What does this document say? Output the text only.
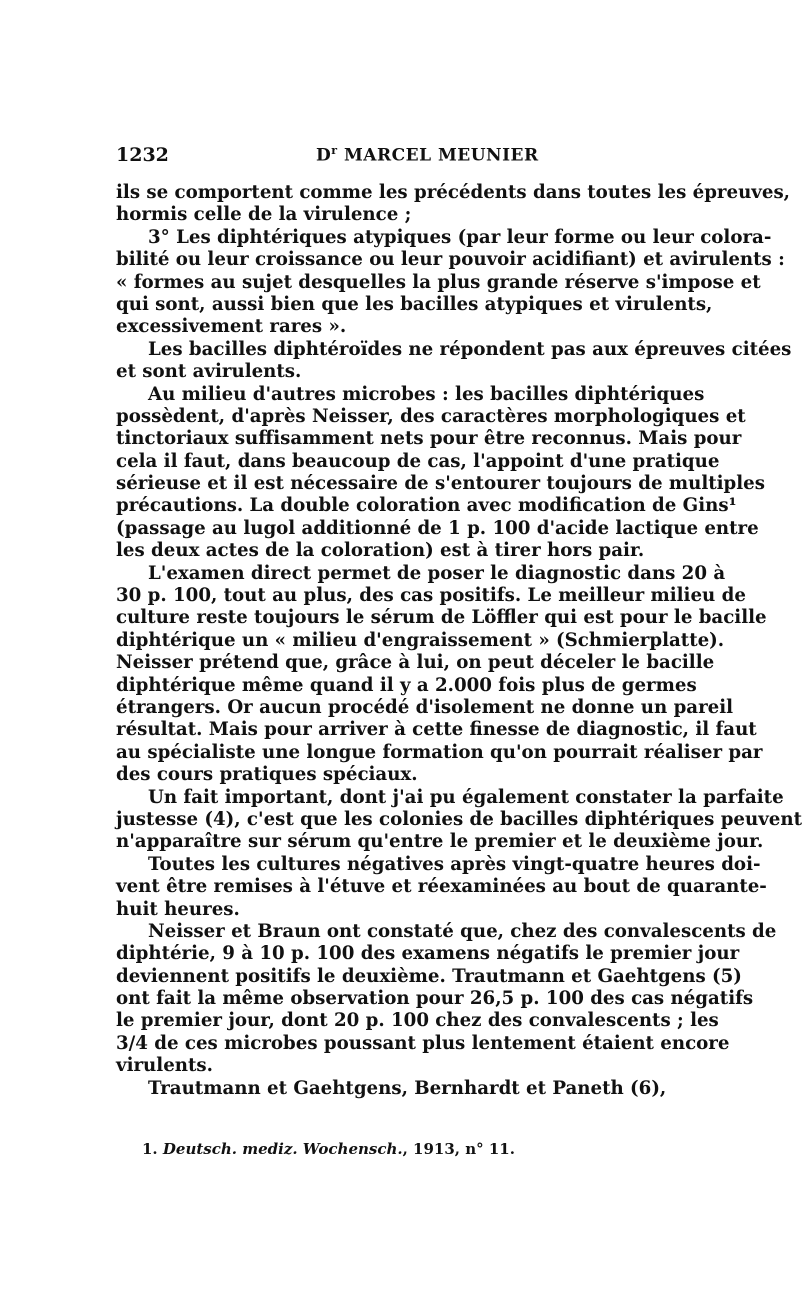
1232	$D^r$ MARCEL MEUNIER
ils se comportent comme les précédents dans toutes les épreuves,
hormis celle de la virulence ;
3° Les diphtériques atypiques (par leur forme ou leur colora-
bilité ou leur croissance ou leur pouvoir acidifiant) et avirulents :
« formes au sujet desquelles la plus grande réserve s'impose et
qui sont, aussi bien que les bacilles atypiques et virulents,
excessivement rares ».
Les bacilles diphtéroïdes ne répondent pas aux épreuves citées
et sont avirulents.
Au milieu d'autres microbes : les bacilles diphtériques
possèdent, d'après Neisser, des caractères morphologiques et
tinctoriaux suffisamment nets pour être reconnus. Mais pour
cela il faut, dans beaucoup de cas, l'appoint d'une pratique
sérieuse et il est nécessaire de s'entourer toujours de multiples
précautions. La double coloration avec modification de Gins¹
(passage au lugol additionné de 1 p. 100 d'acide lactique entre
les deux actes de la coloration) est à tirer hors pair.
L'examen direct permet de poser le diagnostic dans 20 à
30 p. 100, tout au plus, des cas positifs. Le meilleur milieu de
culture reste toujours le sérum de Löffler qui est pour le bacille
diphtérique un « milieu d'engraissement » (Schmierplatte).
Neisser prétend que, grâce à lui, on peut déceler le bacille
diphtérique même quand il y a 2.000 fois plus de germes
étrangers. Or aucun procédé d'isolement ne donne un pareil
résultat. Mais pour arriver à cette finesse de diagnostic, il faut
au spécialiste une longue formation qu'on pourrait réaliser par
des cours pratiques spéciaux.
Un fait important, dont j'ai pu également constater la parfaite
justesse (4), c'est que les colonies de bacilles diphtériques peuvent
n'apparaître sur sérum qu'entre le premier et le deuxième jour.
Toutes les cultures négatives après vingt-quatre heures doi-
vent être remises à l'étuve et réexaminées au bout de quarante-
huit heures.
Neisser et Braun ont constaté que, chez des convalescents de
diphtérie, 9 à 10 p. 100 des examens négatifs le premier jour
deviennent positifs le deuxième. Trautmann et Gaehtgens (5)
ont fait la même observation pour 26,5 p. 100 des cas négatifs
le premier jour, dont 20 p. 100 chez des convalescents ; les
3/4 de ces microbes poussant plus lentement étaient encore
virulents.
Trautmann et Gaehtgens, Bernhardt et Paneth (6),
1. Deutsch. mediz. Wochensch., 1913, n° 11.
